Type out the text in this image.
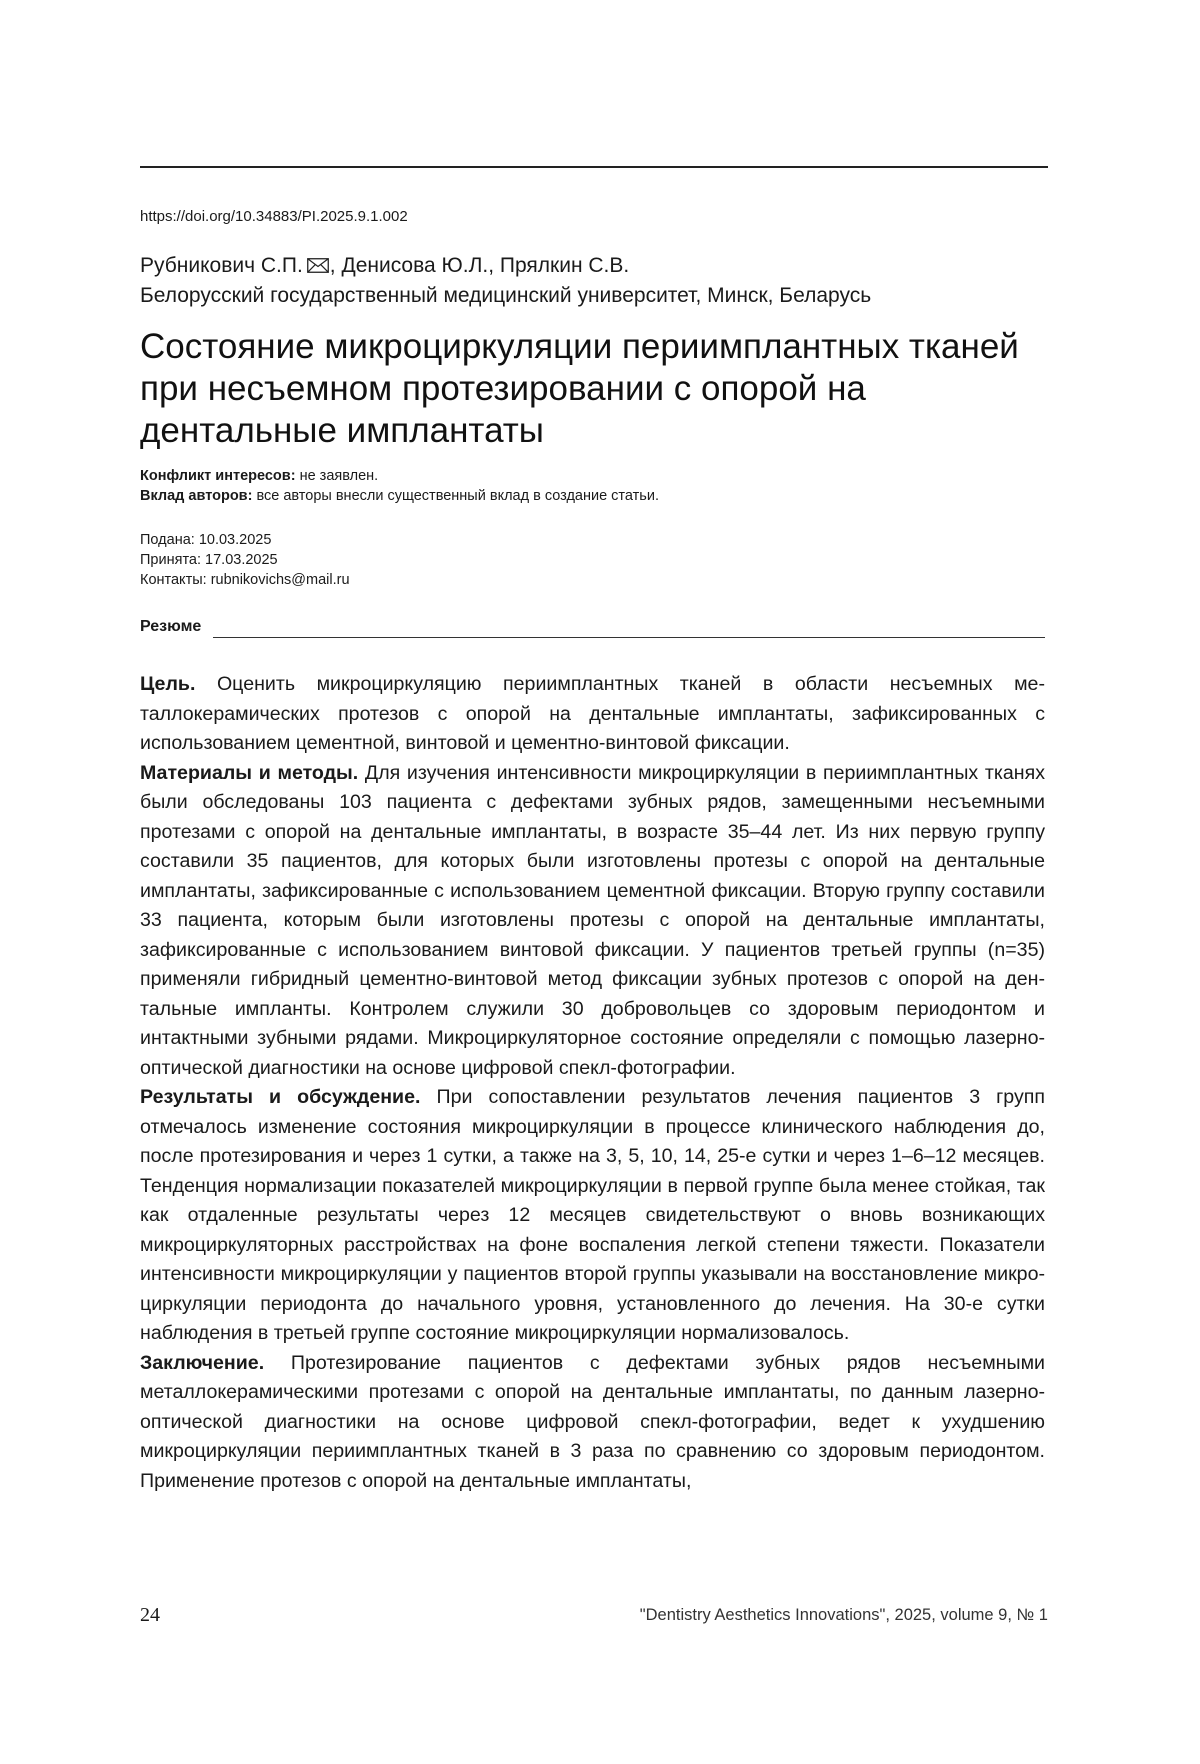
https://doi.org/10.34883/PI.2025.9.1.002
Рубникович С.П. , Денисова Ю.Л., Прялкин С.В.
Белорусский государственный медицинский университет, Минск, Беларусь
Состояние микроциркуляции периимплантных тканей при несъемном протезировании с опорой на дентальные имплантаты
Конфликт интересов: не заявлен.
Вклад авторов: все авторы внесли существенный вклад в создание статьи.
Подана: 10.03.2025
Принята: 17.03.2025
Контакты: rubnikovichs@mail.ru
Резюме

Цель. Оценить микроциркуляцию периимплантных тканей в области несъемных металлокерамических протезов с опорой на дентальные имплантаты, зафиксированных с использованием цементной, винтовой и цементно-винтовой фиксации.

Материалы и методы. Для изучения интенсивности микроциркуляции в периимплантных тканях были обследованы 103 пациента с дефектами зубных рядов, замещенными несъемными протезами с опорой на дентальные имплантаты, в возрасте 35–44 лет. Из них первую группу составили 35 пациентов, для которых были изготовлены протезы с опорой на дентальные имплантаты, зафиксированные с использованием цементной фиксации. Вторую группу составили 33 пациента, которым были изготовлены протезы с опорой на дентальные имплантаты, зафиксированные с использованием винтовой фиксации. У пациентов третьей группы (n=35) применяли гибридный цементно-винтовой метод фиксации зубных протезов с опорой на дентальные импланты. Контролем служили 30 добровольцев со здоровым периодонтом и интактными зубными рядами. Микроциркуляторное состояние определяли с помощью лазерно-оптической диагностики на основе цифровой спекл-фотографии.

Результаты и обсуждение. При сопоставлении результатов лечения пациентов 3 групп отмечалось изменение состояния микроциркуляции в процессе клинического наблюдения до, после протезирования и через 1 сутки, а также на 3, 5, 10, 14, 25-е сутки и через 1–6–12 месяцев. Тенденция нормализации показателей микроциркуляции в первой группе была менее стойкая, так как отдаленные результаты через 12 месяцев свидетельствуют о вновь возникающих микроциркуляторных расстройствах на фоне воспаления легкой степени тяжести. Показатели интенсивности микроциркуляции у пациентов второй группы указывали на восстановление микроциркуляции периодонта до начального уровня, установленного до лечения. На 30-е сутки наблюдения в третьей группе состояние микроциркуляции нормализовалось.

Заключение. Протезирование пациентов с дефектами зубных рядов несъемными металлокерамическими протезами с опорой на дентальные имплантаты, по данным лазерно-оптической диагностики на основе цифровой спекл-фотографии, ведет к ухудшению микроциркуляции периимплантных тканей в 3 раза по сравнению со здоровым периодонтом. Применение протезов с опорой на дентальные имплантаты,

24	"Dentistry Aesthetics Innovations", 2025, volume 9, № 1
